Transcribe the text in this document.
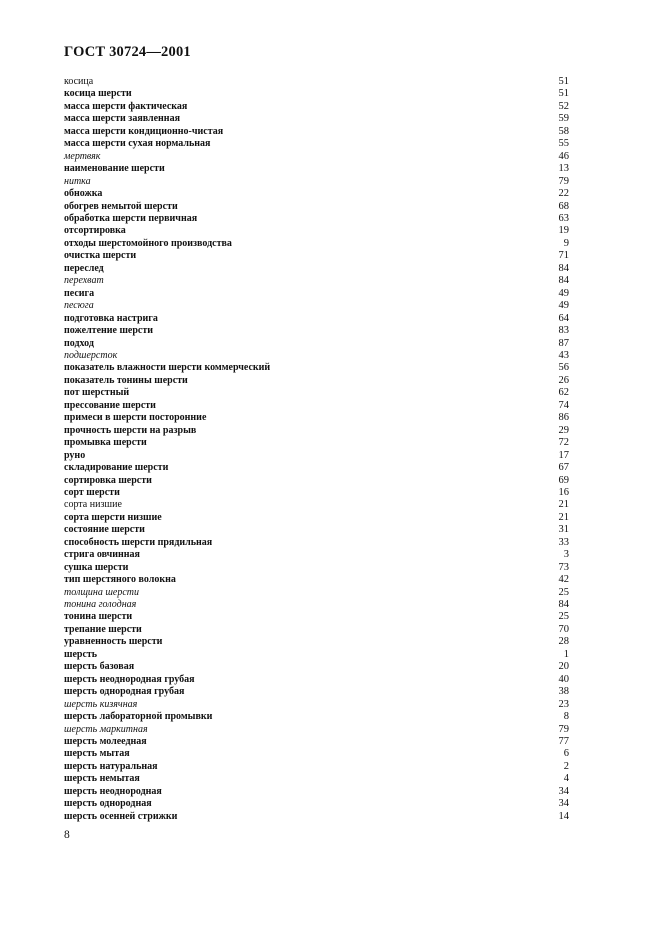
ГОСТ 30724—2001
косица	51
косица шерсти	51
масса шерсти фактическая	52
масса шерсти заявленная	59
масса шерсти кондиционно-чистая	58
масса шерсти сухая нормальная	55
мертвяк	46
наименование шерсти	13
нитка	79
обножка	22
обогрев немытой шерсти	68
обработка шерсти первичная	63
отсортировка	19
отходы шерстомойного производства	9
очистка шерсти	71
переслед	84
перехват	84
песига	49
песюга	49
подготовка настрига	64
пожелтение шерсти	83
подход	87
подшерсток	43
показатель влажности шерсти коммерческий	56
показатель тонины шерсти	26
пот шерстный	62
прессование шерсти	74
примеси в шерсти посторонние	86
прочность шерсти на разрыв	29
промывка шерсти	72
руно	17
складирование шерсти	67
сортировка шерсти	69
сорт шерсти	16
сорта низшие	21
сорта шерсти низшие	21
состояние шерсти	31
способность шерсти прядильная	33
стрига овчинная	3
сушка шерсти	73
тип шерстяного волокна	42
толщина шерсти	25
тонина голодная	84
тонина шерсти	25
трепание шерсти	70
уравненность шерсти	28
шерсть	1
шерсть базовая	20
шерсть неоднородная грубая	40
шерсть однородная грубая	38
шерсть кизячная	23
шерсть лабораторной промывки	8
шерсть маркитная	79
шерсть молеедная	77
шерсть мытая	6
шерсть натуральная	2
шерсть немытая	4
шерсть неоднородная	34
шерсть однородная	34
шерсть осенней стрижки	14
8
